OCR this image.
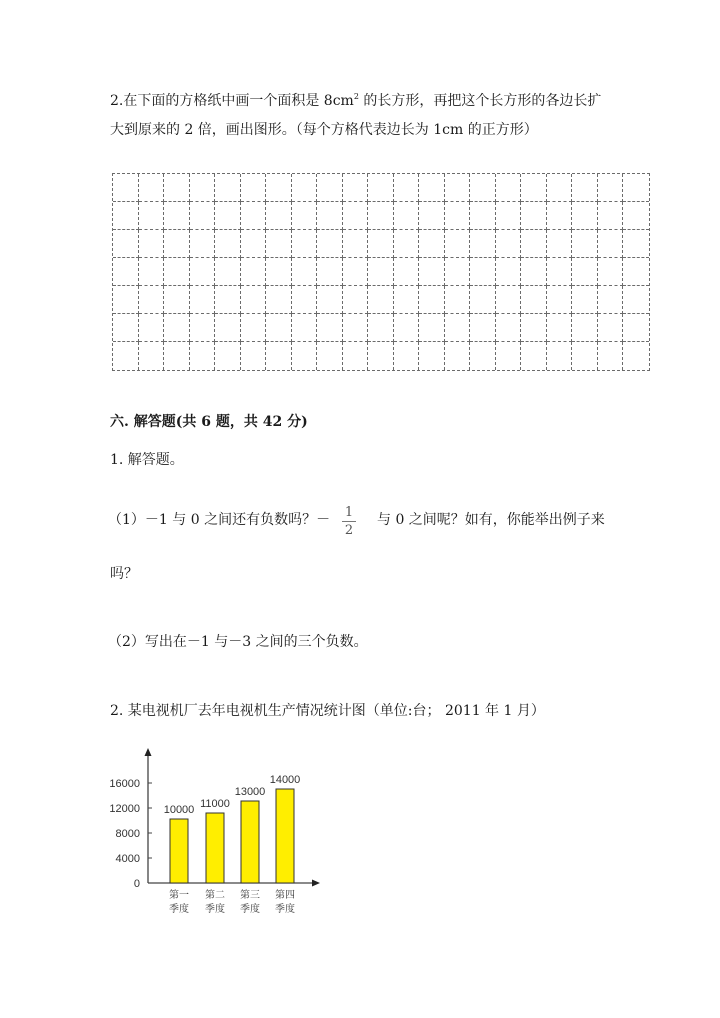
2.在下面的方格纸中画一个面积是 $8cm^2$ 的长方形，再把这个长方形的各边长扩
大到原来的 2 倍，画出图形。（每个方格代表边长为 1cm 的正方形）
六. 解答题(共 6 题，共 42 分)
1. 解答题。
（1）－1 与 0 之间还有负数吗？－ 1
2
与 0 之间呢？如有，你能举出例子来
吗？
（2）写出在－1 与－3 之间的三个负数。
2. 某电视机厂去年电视机生产情况统计图（单位:台； 2011 年 1 月）
0
4000
8000
12000
16000
10000
第一
季度
11000
第二
季度
13000
第三
季度
14000
第四
季度
